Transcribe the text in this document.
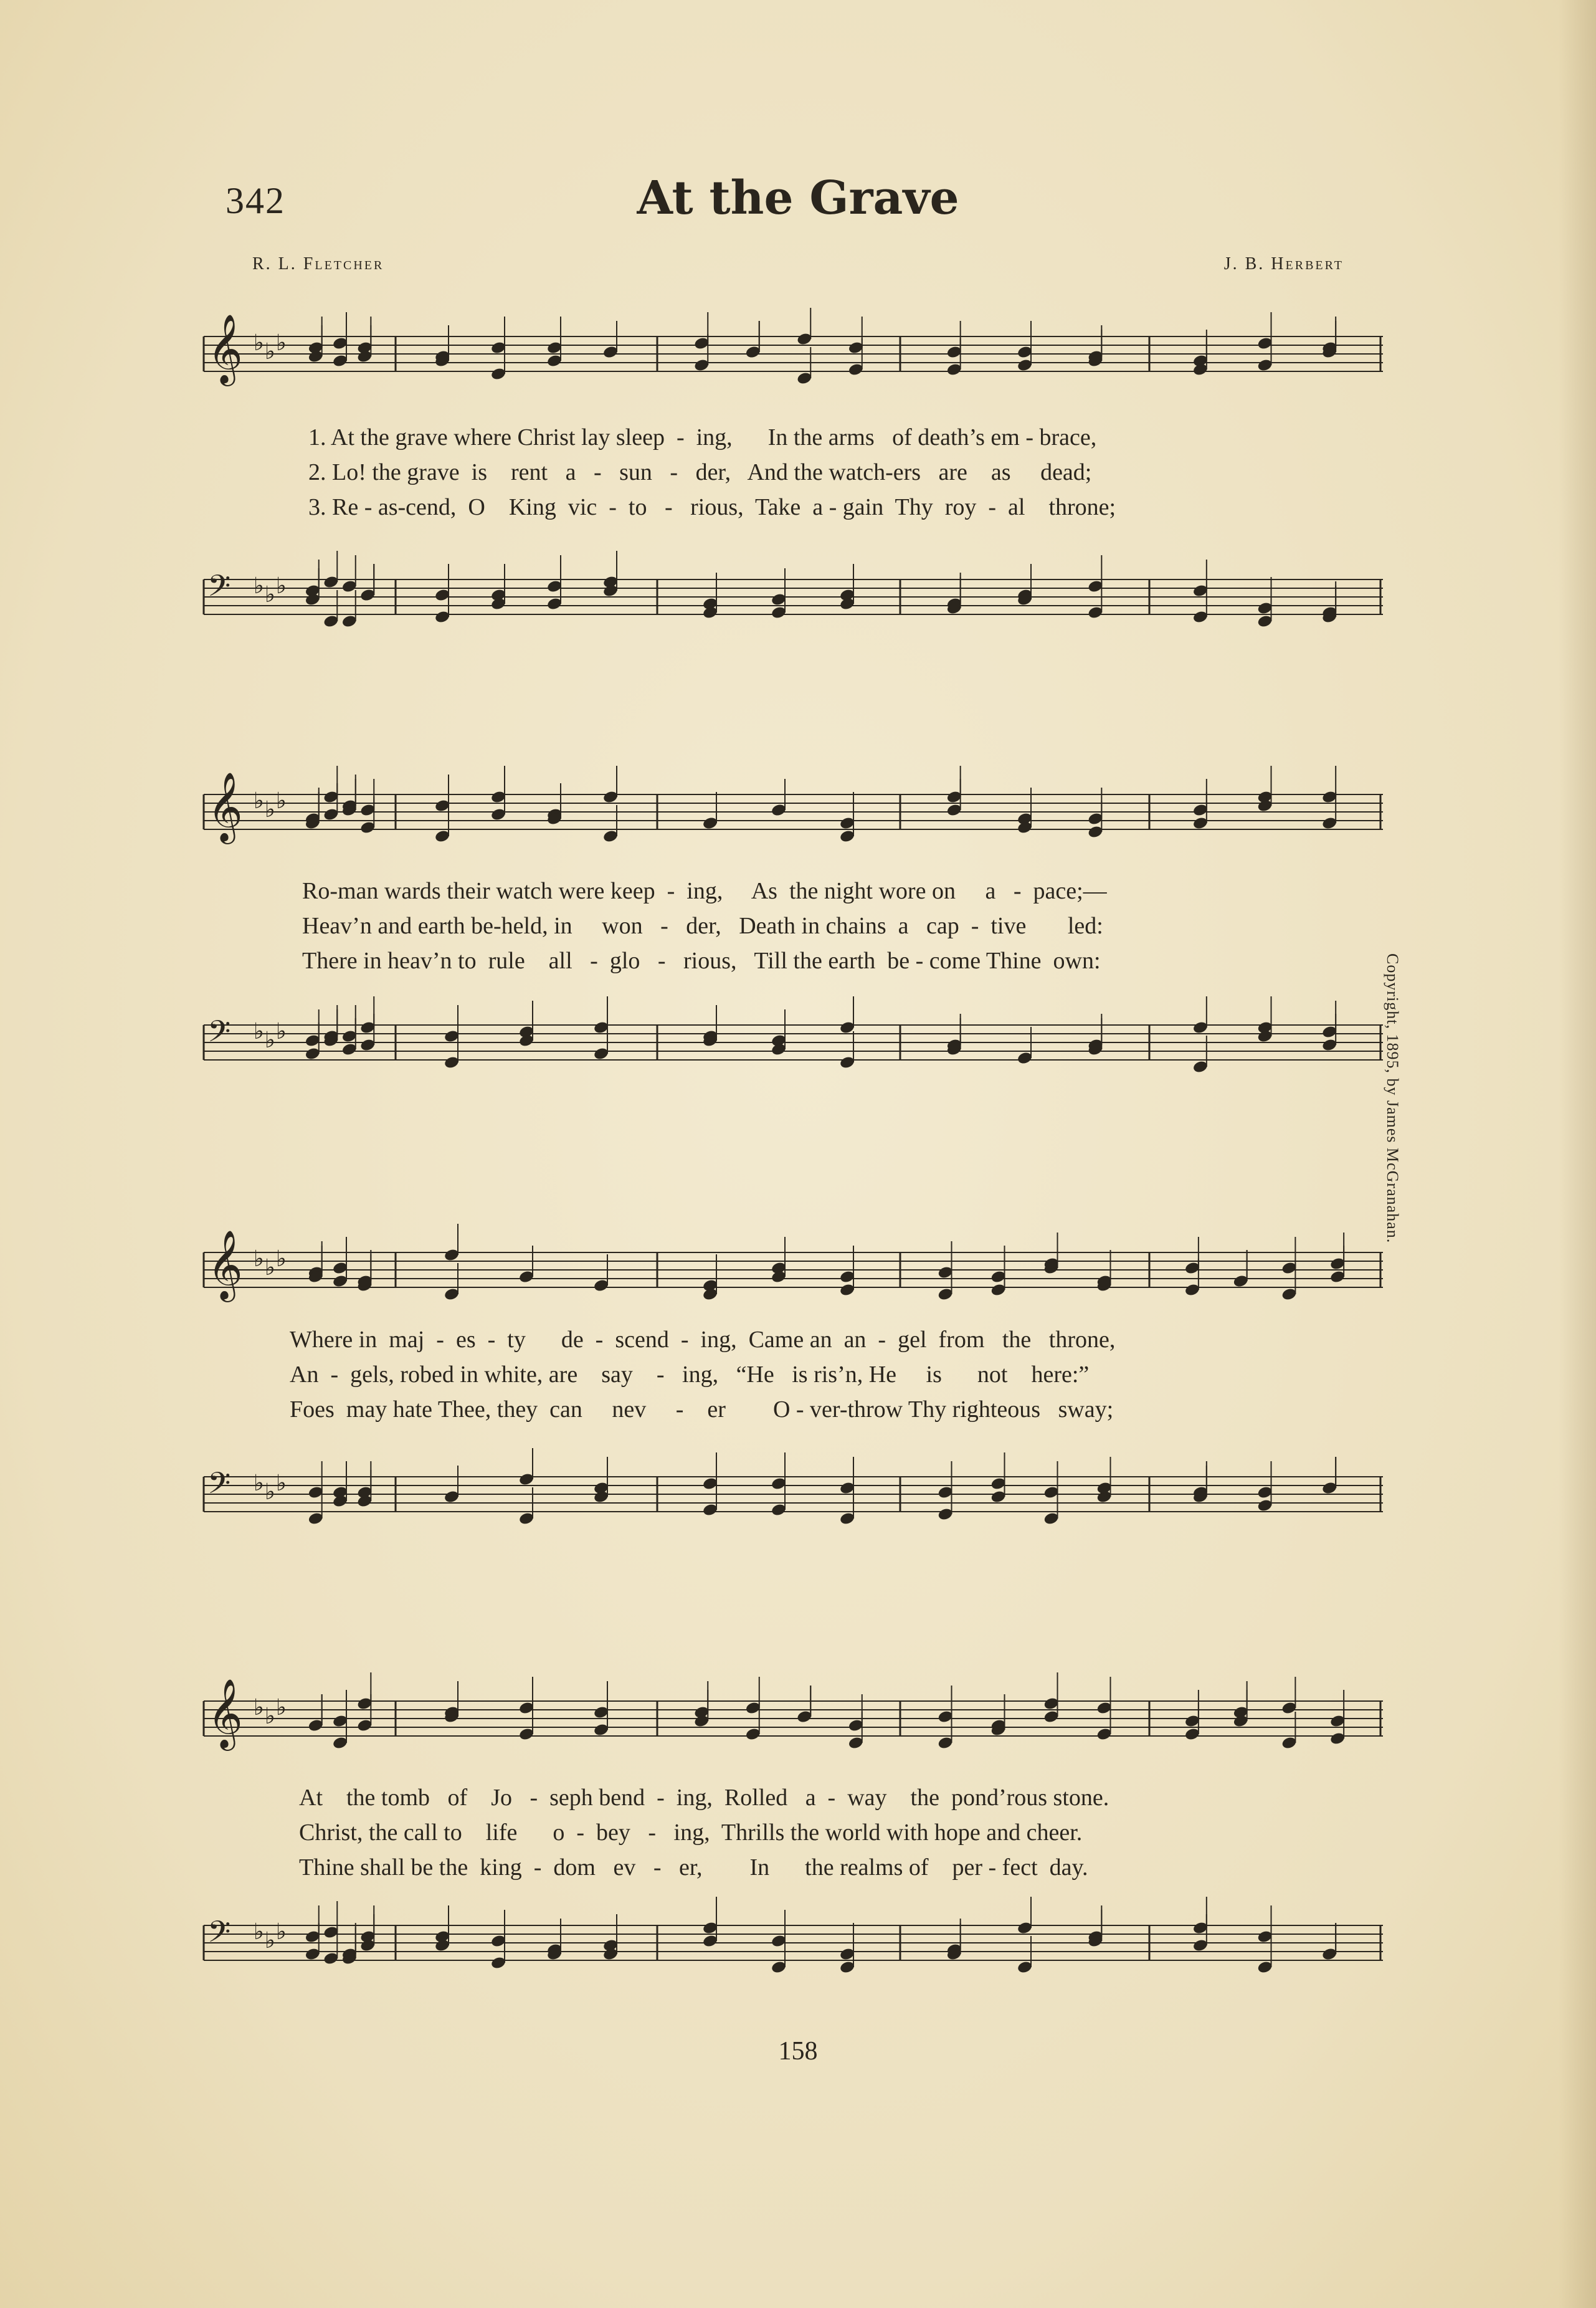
342	At the Grave
R. L. Fletcher	J. B. Herbert
𝄞 ♭ ♭ ♭
1. At the grave where Christ lay sleep  -  ing,      In the arms   of death’s em - brace,
2. Lo! the grave  is    rent   a   -   sun   -   der,   And the watch-ers   are    as     dead;
3. Re - as-cend,  O    King  vic  -  to   -   rious,  Take  a - gain  Thy  roy  -  al    throne;
𝄢 ♭ ♭ ♭
𝄞 ♭ ♭ ♭
Ro-man wards their watch were keep  -  ing,     As  the night wore on     a   -  pace;—
Heav’n and earth be-held, in     won   -   der,   Death in chains  a   cap  -  tive       led:
There in heav’n to  rule    all   -  glo   -   rious,   Till the earth  be - come Thine  own:
𝄢 ♭ ♭ ♭
𝄞 ♭ ♭ ♭
Where in  maj  -  es  -  ty      de  -  scend  -  ing,  Came an  an  -  gel  from   the   throne,
An  -  gels, robed in white, are    say    -   ing,   “He   is ris’n, He     is      not    here:”
Foes  may hate Thee, they  can     nev     -    er        O - ver-throw Thy righteous   sway;
𝄢 ♭ ♭ ♭
𝄞 ♭ ♭ ♭
At    the tomb   of    Jo   -  seph bend  -  ing,  Rolled   a  -  way    the  pond’rous stone.
Christ, the call to    life      o  -  bey   -   ing,  Thrills the world with hope and cheer.
Thine shall be the  king  -  dom   ev   -   er,        In      the realms of    per - fect  day.
𝄢 ♭ ♭ ♭
Copyright, 1895, by James McGranahan.
158
